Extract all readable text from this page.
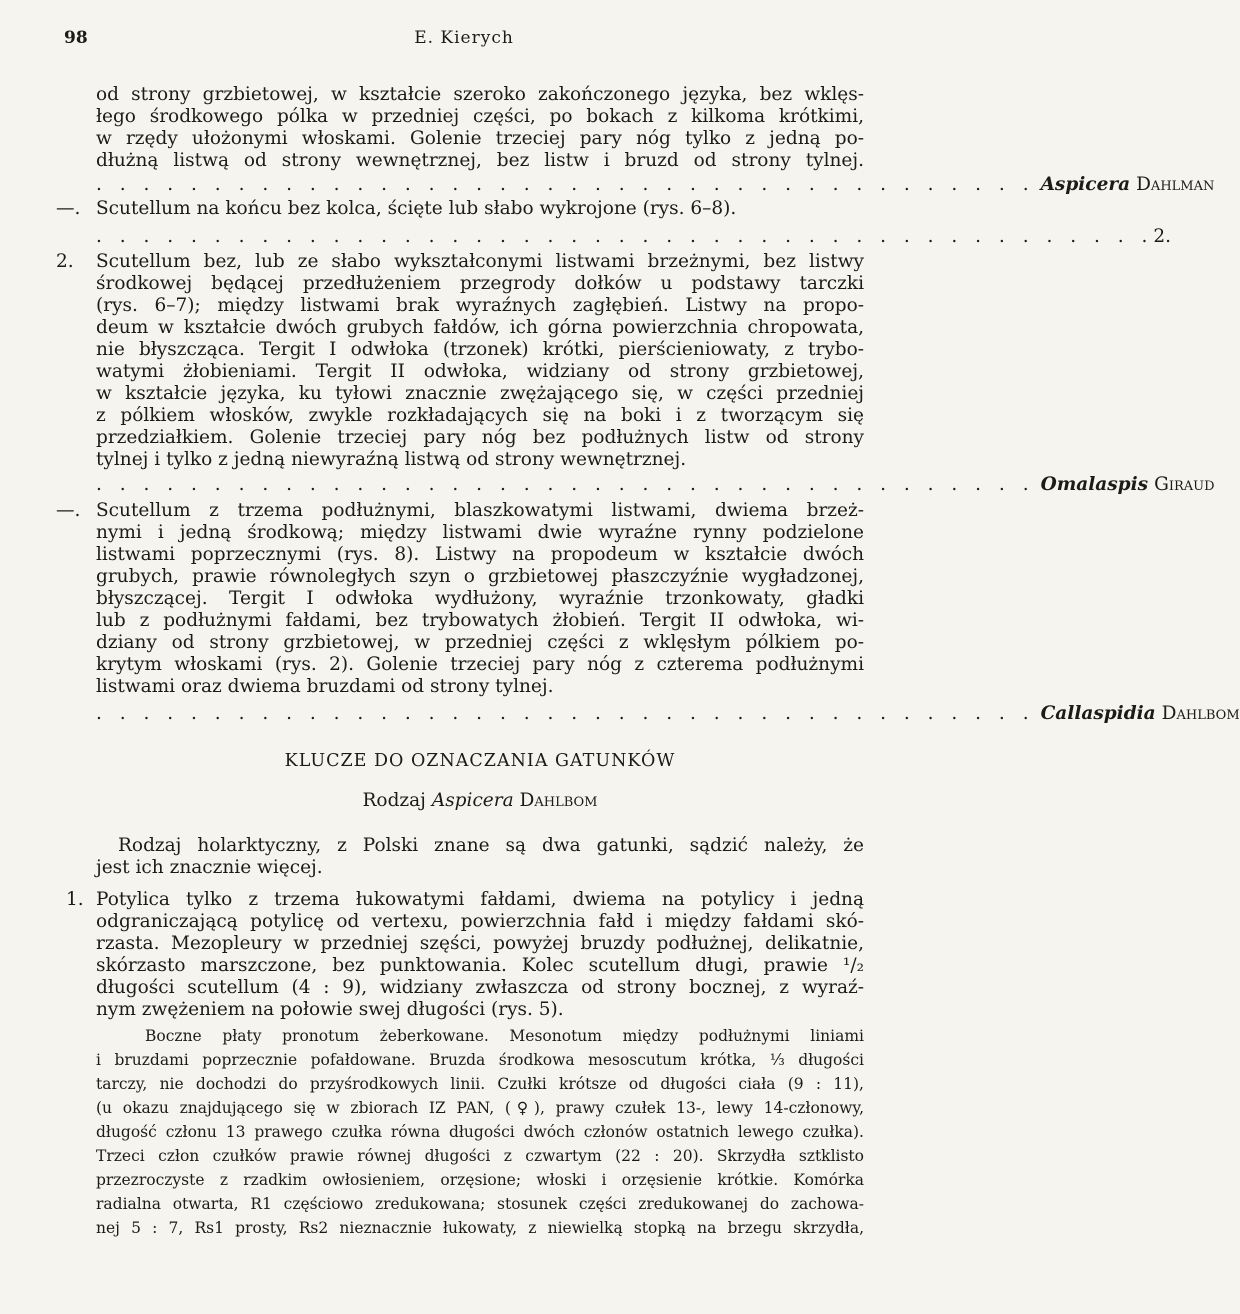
98	E. Kierych
od strony grzbietowej, w kształcie szeroko zakończonego języka, bez wklęs-
łego środkowego pólka w przedniej części, po bokach z kilkoma krótkimi,
w rzędy ułożonymi włoskami. Golenie trzeciej pary nóg tylko z jedną po-
dłużną listwą od strony wewnętrznej, bez listw i bruzd od strony tylnej.
. . . . . . . . . . . . . . . . . . . . . . . . . . . . . . . . . . . . . . . . Aspicera Dahlman
—. Scutellum na końcu bez kolca, ścięte lub słabo wykrojone (rys. 6–8).
. . . . . . . . . . . . . . . . . . . . . . . . . . . . . . . . . . . . . . . . . . . . . 2.
2.	Scutellum bez, lub ze słabo wykształconymi listwami brzeżnymi, bez listwy
środkowej będącej przedłużeniem przegrody dołków u podstawy tarczki
(rys. 6–7); między listwami brak wyraźnych zagłębień. Listwy na propo-
deum w kształcie dwóch grubych fałdów, ich górna powierzchnia chropowata,
nie błyszcząca. Tergit I odwłoka (trzonek) krótki, pierścieniowaty, z trybo-
watymi żłobieniami. Tergit II odwłoka, widziany od strony grzbietowej,
w kształcie języka, ku tyłowi znacznie zwężającego się, w części przedniej
z pólkiem włosków, zwykle rozkładających się na boki i z tworzącym się
przedziałkiem. Golenie trzeciej pary nóg bez podłużnych listw od strony
tylnej i tylko z jedną niewyraźną listwą od strony wewnętrznej.
. . . . . . . . . . . . . . . . . . . . . . . . . . . . . . . . . . . . . . . . Omalaspis Giraud
—. Scutellum z trzema podłużnymi, blaszkowatymi listwami, dwiema brzeż-
nymi i jedną środkową; między listwami dwie wyraźne rynny podzielone
listwami poprzecznymi (rys. 8). Listwy na propodeum w kształcie dwóch
grubych, prawie równoległych szyn o grzbietowej płaszczyźnie wygładzonej,
błyszczącej. Tergit I odwłoka wydłużony, wyraźnie trzonkowaty, gładki
lub z podłużnymi fałdami, bez trybowatych żłobień. Tergit II odwłoka, wi-
dziany od strony grzbietowej, w przedniej części z wklęsłym pólkiem po-
krytym włoskami (rys. 2). Golenie trzeciej pary nóg z czterema podłużnymi
listwami oraz dwiema bruzdami od strony tylnej.
. . . . . . . . . . . . . . . . . . . . . . . . . . . . . . . . . . . . . . . . Callaspidia Dahlbom
KLUCZE DO OZNACZANIA GATUNKÓW
Rodzaj Aspicera Dahlbom
Rodzaj holarktyczny, z Polski znane są dwa gatunki, sądzić należy, że
jest ich znacznie więcej.
1. Potylica tylko z trzema łukowatymi fałdami, dwiema na potylicy i jedną
odgraniczającą potylicę od vertexu, powierzchnia fałd i między fałdami skó-
rzasta. Mezopleury w przedniej szęści, powyżej bruzdy podłużnej, delikatnie,
skórzasto marszczone, bez punktowania. Kolec scutellum długi, prawie ¹/₂
długości scutellum (4 : 9), widziany zwłaszcza od strony bocznej, z wyraź-
nym zwężeniem na połowie swej długości (rys. 5).
Boczne płaty pronotum żeberkowane. Mesonotum między podłużnymi liniami
i bruzdami poprzecznie pofałdowane. Bruzda środkowa mesoscutum krótka, ⅓ długości
tarczy, nie dochodzi do przyśrodkowych linii. Czułki krótsze od długości ciała (9 : 11),
(u okazu znajdującego się w zbiorach IZ PAN, (♀), prawy czułek 13-, lewy 14-członowy,
długość członu 13 prawego czułka równa długości dwóch członów ostatnich lewego czułka).
Trzeci człon czułków prawie równej długości z czwartym (22 : 20). Skrzydła sztklisto
przezroczyste z rzadkim owłosieniem, orzęsione; włoski i orzęsienie krótkie. Komórka
radialna otwarta, R1 częściowo zredukowana; stosunek części zredukowanej do zachowa-
nej 5 : 7, Rs1 prosty, Rs2 nieznacznie łukowaty, z niewielką stopką na brzegu skrzydła,
